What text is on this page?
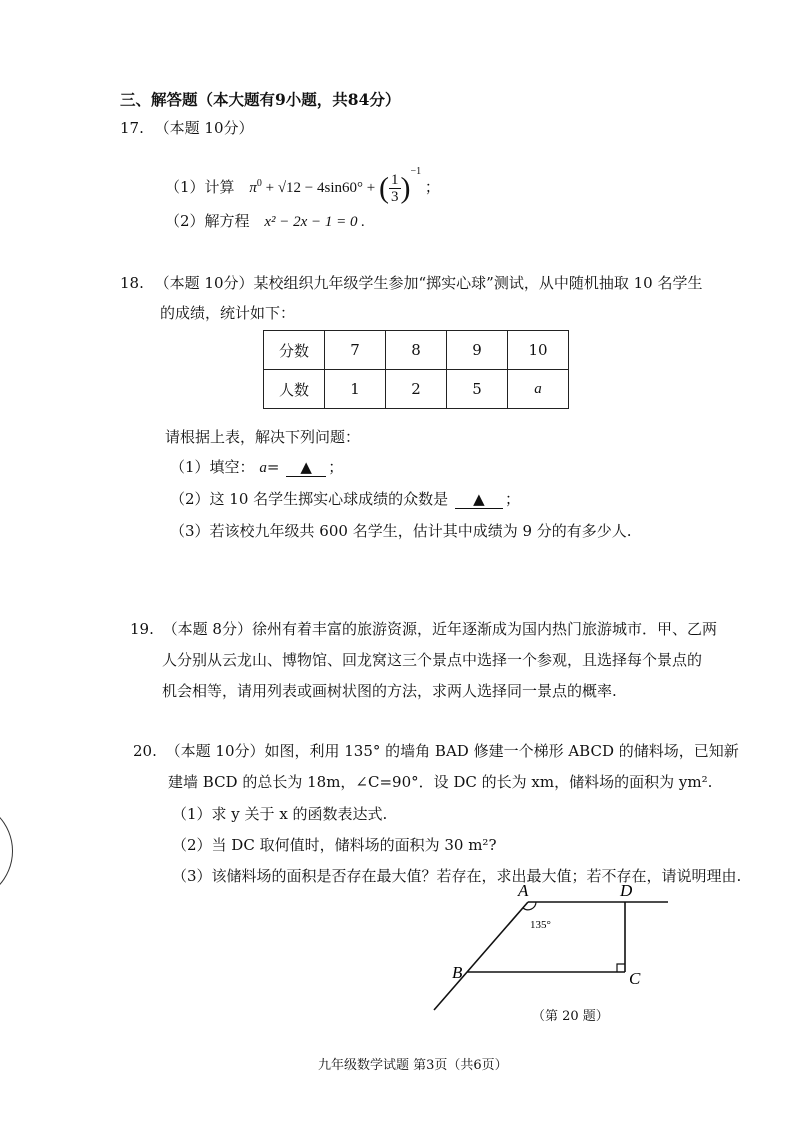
三、解答题（本大题有9小题，共84分）
17. （本题 10分）
（1）计算 $\pi^0 + √12 - 4\sin 60^\circ$ + ( $\frac{1}{3} )^{-1}$ ；
（2）解方程 x² − 2x − 1 = 0 .
18. （本题 10分）某校组织九年级学生参加“掷实心球”测试，从中随机抽取 10 名学生
的成绩，统计如下：
分数	7	8	9	10
人数	1	2	5	a
请根据上表，解决下列问题：
（1）填空： a= ▲ ；
（2）这 10 名学生掷实心球成绩的众数是 ▲ ；
（3）若该校九年级共 600 名学生，估计其中成绩为 9 分的有多少人.
19. （本题 8分）徐州有着丰富的旅游资源，近年逐渐成为国内热门旅游城市．甲、乙两
人分别从云龙山、博物馆、回龙窝这三个景点中选择一个参观，且选择每个景点的
机会相等，请用列表或画树状图的方法，求两人选择同一景点的概率.
20. （本题 10分）如图，利用 135° 的墙角 BAD 修建一个梯形 ABCD 的储料场，已知新
建墙 BCD 的总长为 18m，∠C=90°．设 DC 的长为 xm，储料场的面积为 ym².
（1）求 y 关于 x 的函数表达式.
（2）当 DC 取何值时，储料场的面积为 30 m²?
（3）该储料场的面积是否存在最大值？若存在，求出最大值；若不存在，请说明理由.
A	D
B	C
135°
（第 20 题）
九年级数学试题 第3页（共6页）
